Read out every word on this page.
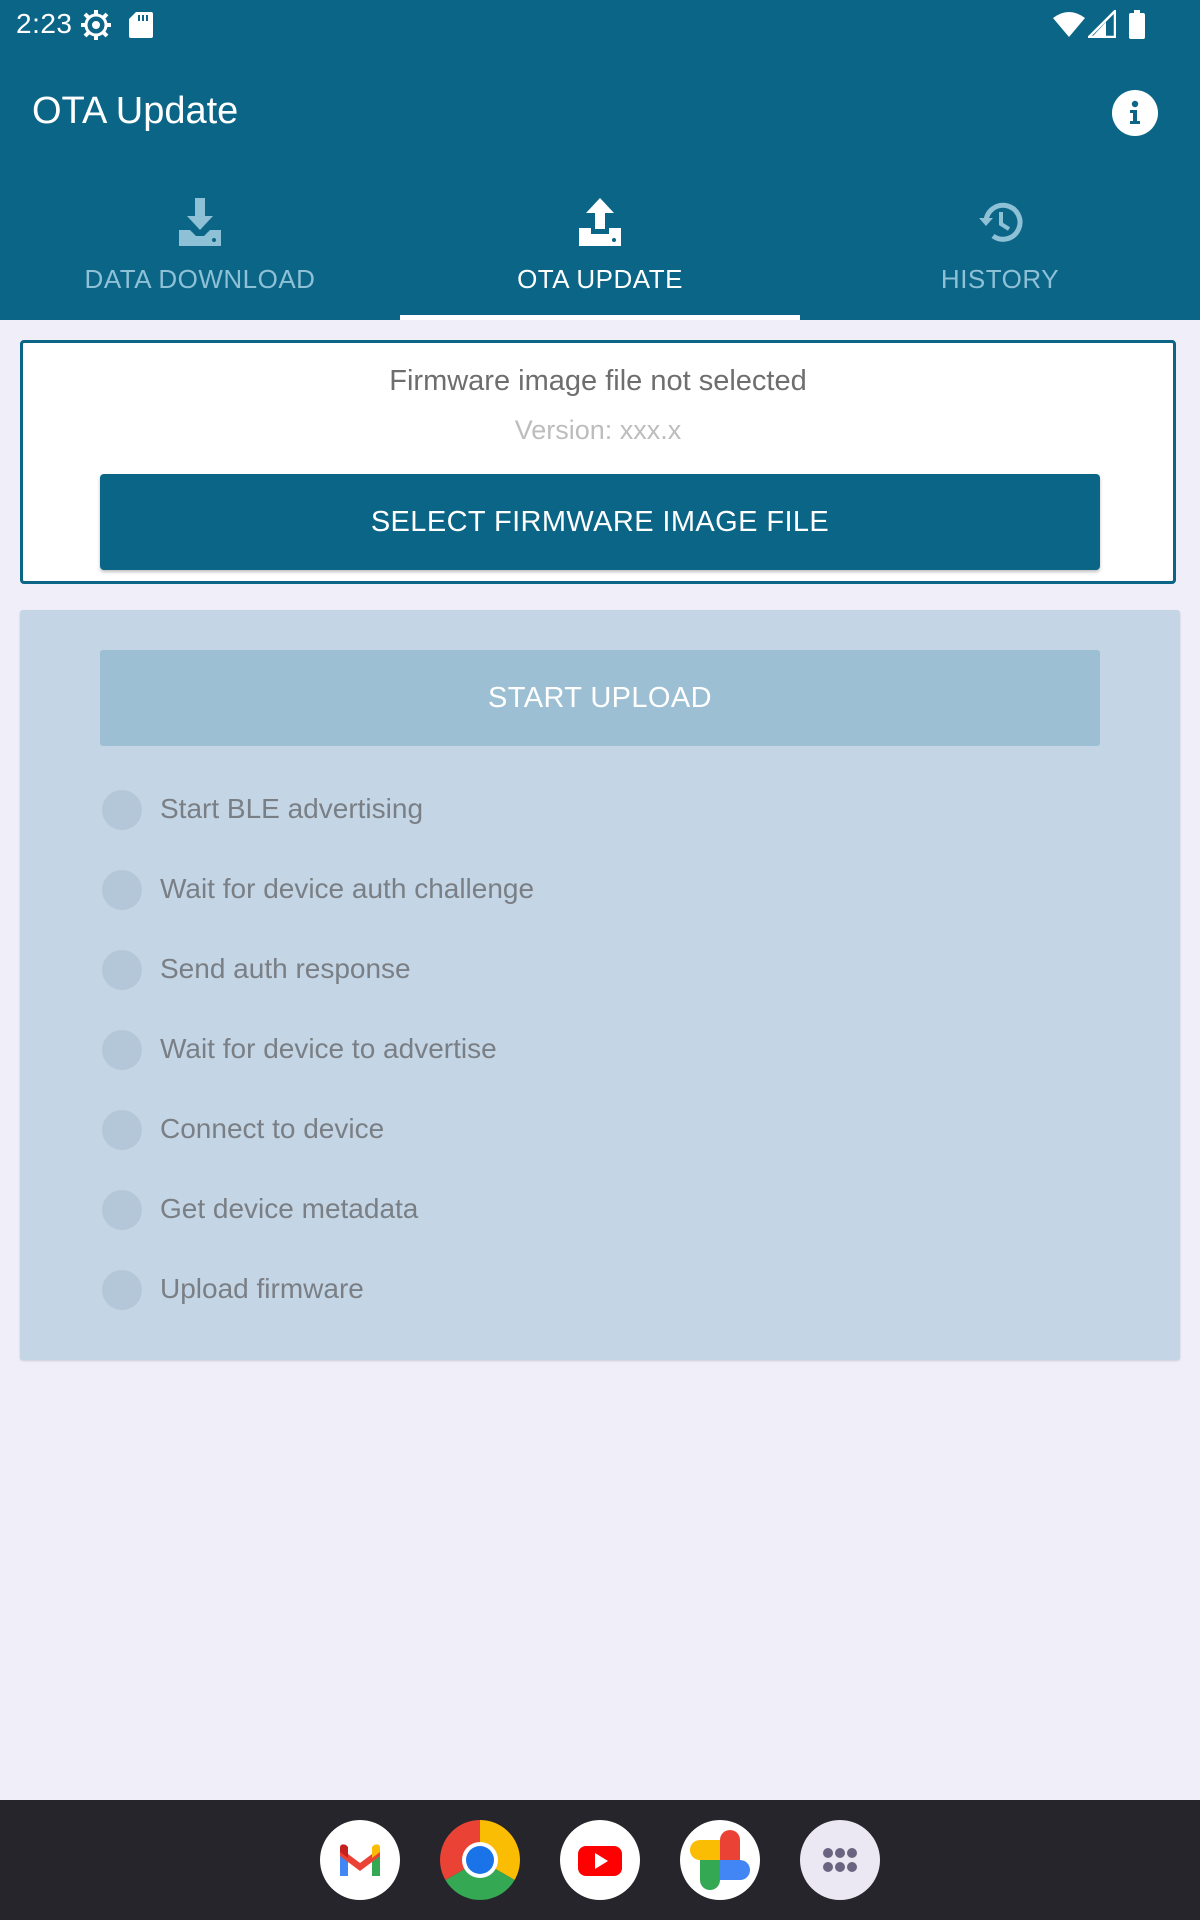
2:23
OTA Update
DATA DOWNLOAD	OTA UPDATE	HISTORY
Firmware image file not selected
Version: xxx.x
SELECT FIRMWARE IMAGE FILE
START UPLOAD
Start BLE advertising
Wait for device auth challenge
Send auth response
Wait for device to advertise
Connect to device
Get device metadata
Upload firmware
